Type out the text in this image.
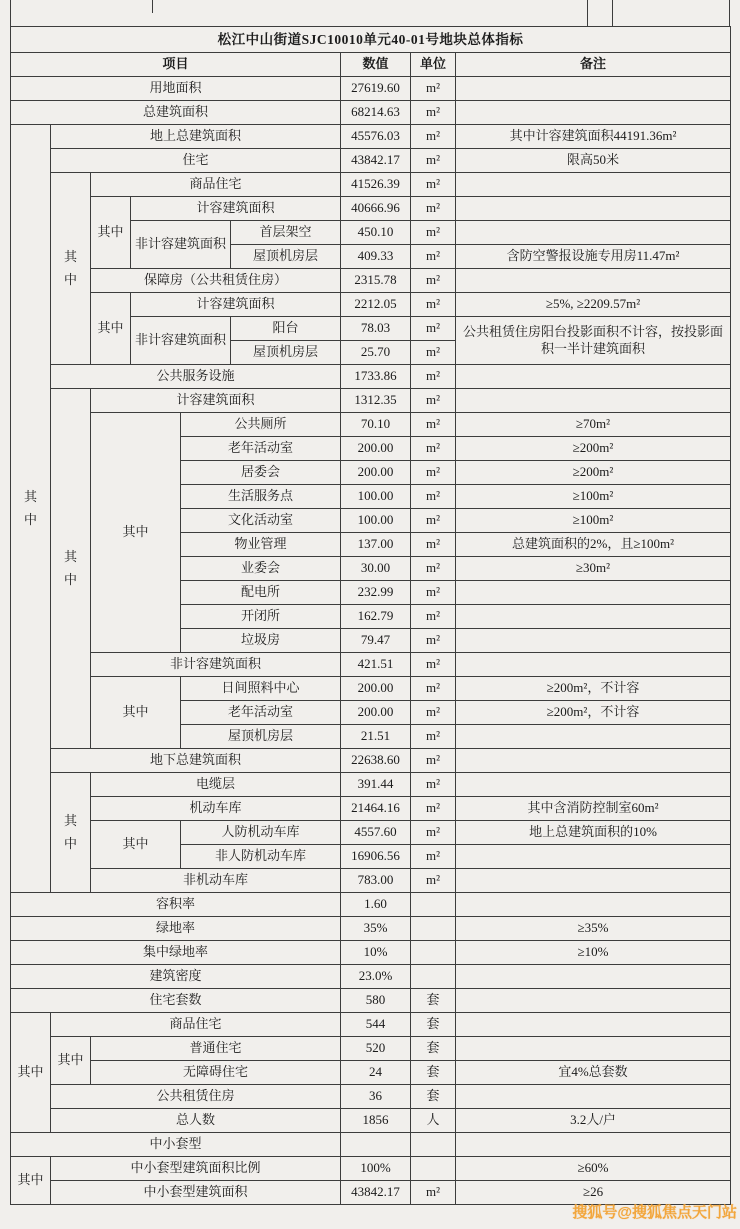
松江中山街道SJC10010单元40-01号地块总体指标								
项目						数值	单位	备注
用地面积						27619.60	m²	
总建筑面积						68214.63	m²	
其中	地上总建筑面积					45576.03	m²	其中计容建筑面积44191.36m²
	住宅					43842.17	m²	限高50米
	其中	商品住宅				41526.39	m²	
		其中	计容建筑面积			40666.96	m²	
			非计容建筑面积		首层架空	450.10	m²	
					屋顶机房层	409.33	m²	含防空警报设施专用房11.47m²
		保障房（公共租赁住房）				2315.78	m²	
		其中	计容建筑面积			2212.05	m²	≥5%, ≥2209.57m²
			非计容建筑面积		阳台	78.03	m²	公共租赁住房阳台投影面积不计容，按投影面积一半计建筑面积
					屋顶机房层	25.70	m²	
	公共服务设施					1733.86	m²	
	其中	计容建筑面积				1312.35	m²	
		其中		公共厕所		70.10	m²	≥70m²
				老年活动室		200.00	m²	≥200m²
				居委会		200.00	m²	≥200m²
				生活服务点		100.00	m²	≥100m²
				文化活动室		100.00	m²	≥100m²
				物业管理		137.00	m²	总建筑面积的2%，且≥100m²
				业委会		30.00	m²	≥30m²
				配电所		232.99	m²	
				开闭所		162.79	m²	
				垃圾房		79.47	m²	
		非计容建筑面积				421.51	m²	
		其中		日间照料中心		200.00	m²	≥200m²，不计容
				老年活动室		200.00	m²	≥200m²，不计容
				屋顶机房层		21.51	m²	
	地下总建筑面积					22638.60	m²	
	其中	电缆层				391.44	m²	
		机动车库				21464.16	m²	其中含消防控制室60m²
		其中		人防机动车库		4557.60	m²	地上总建筑面积的10%
				非人防机动车库		16906.56	m²	
		非机动车库				783.00	m²	
容积率						1.60		
绿地率						35%		≥35%
集中绿地率						10%		≥10%
建筑密度						23.0%		
住宅套数						580	套	
其中	商品住宅					544	套	
	其中	普通住宅				520	套	
		无障碍住宅				24	套	宜4%总套数
	公共租赁住房					36	套	
	总人数					1856	人	3.2人/户
中小套型								
其中	中小套型建筑面积比例					100%		≥60%
	中小套型建筑面积					43842.17	m²	≥26
搜狐号@搜狐焦点天门站
